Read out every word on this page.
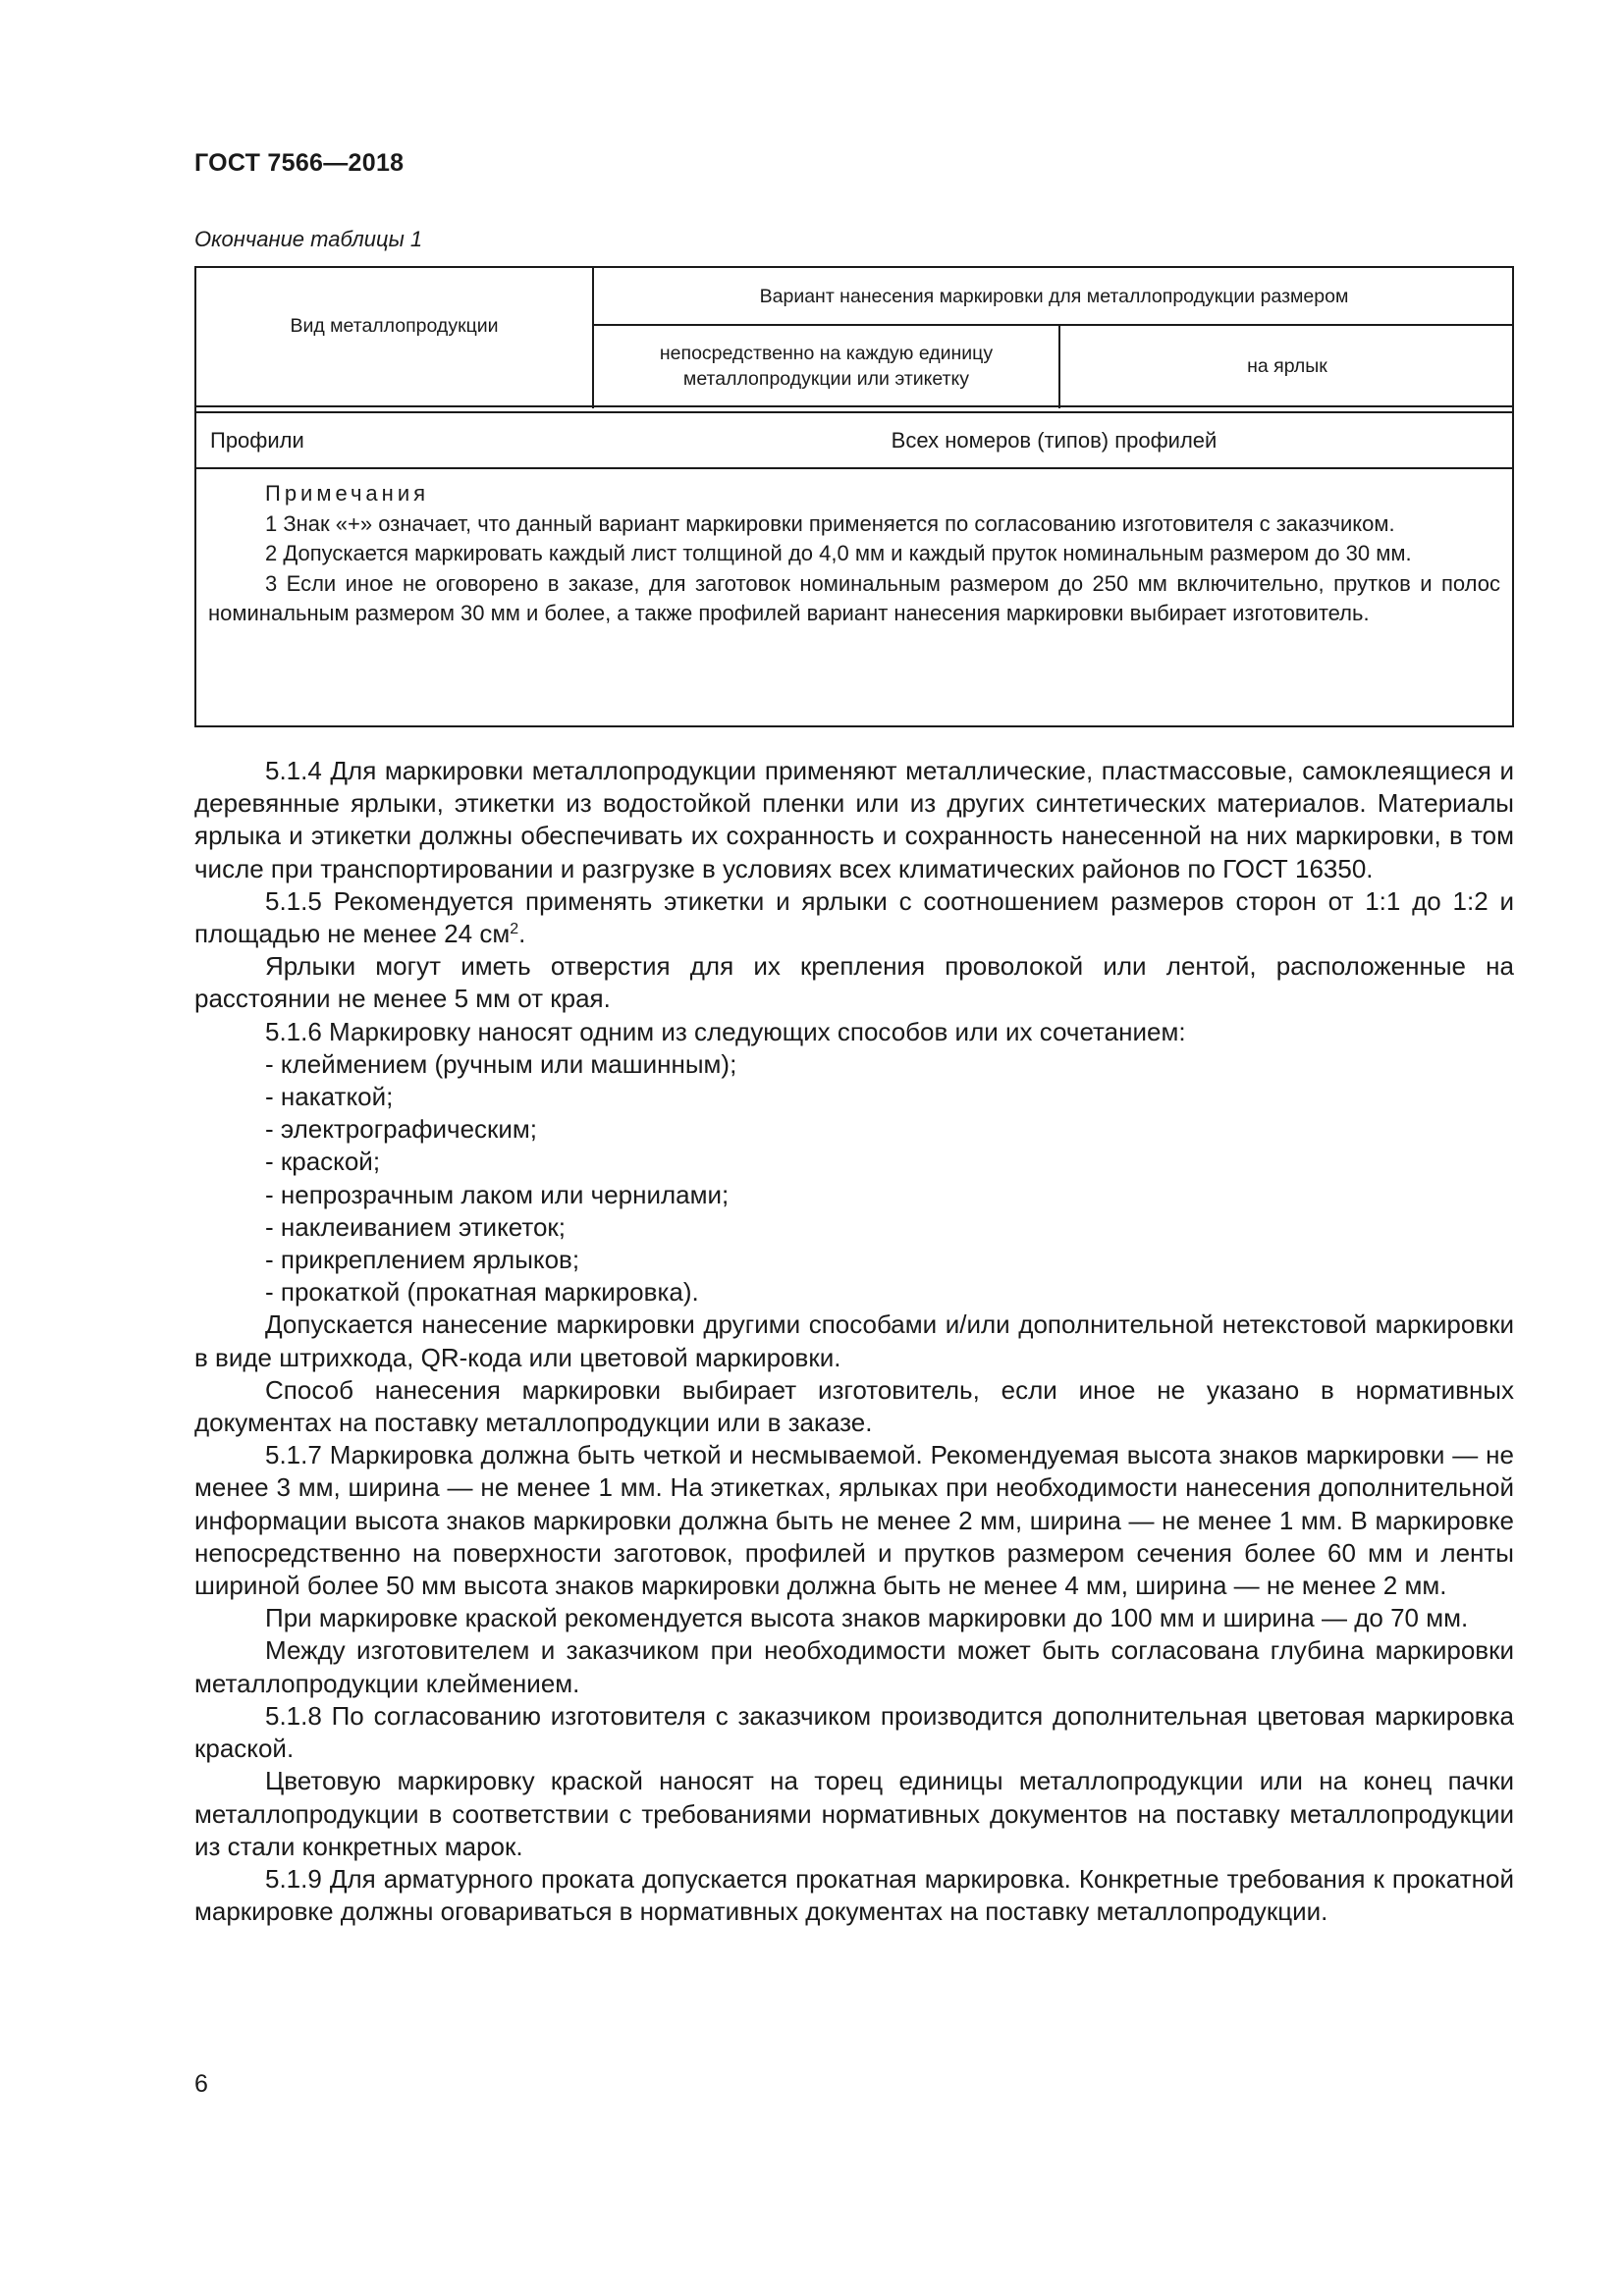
ГОСТ 7566—2018
Окончание таблицы 1
Вид металлопродукции
Вариант нанесения маркировки для металлопродукции размером
непосредственно на каждую единицу металлопродукции или этикетку
на ярлык
Профили	Всех номеров (типов) профилей

Примечания

1 Знак «+» означает, что данный вариант маркировки применяется по согласованию изготовителя с заказчиком.

2 Допускается маркировать каждый лист толщиной до 4,0 мм и каждый пруток номинальным размером до 30 мм.

3 Если иное не оговорено в заказе, для заготовок номинальным размером до 250 мм включительно, прутков и полос номинальным размером 30 мм и более, а также профилей вариант нанесения маркировки выбирает изготовитель.

5.1.4 Для маркировки металлопродукции применяют металлические, пластмассовые, самоклеящиеся и деревянные ярлыки, этикетки из водостойкой пленки или из других синтетических материалов. Материалы ярлыка и этикетки должны обеспечивать их сохранность и сохранность нанесенной на них маркировки, в том числе при транспортировании и разгрузке в условиях всех климатических районов по ГОСТ 16350.

5.1.5 Рекомендуется применять этикетки и ярлыки с соотношением размеров сторон от 1:1 до 1:2 и площадью не менее 24 $см^2$.

Ярлыки могут иметь отверстия для их крепления проволокой или лентой, расположенные на расстоянии не менее 5 мм от края.

5.1.6 Маркировку наносят одним из следующих способов или их сочетанием:

- клеймением (ручным или машинным);

- накаткой;

- электрографическим;

- краской;

- непрозрачным лаком или чернилами;

- наклеиванием этикеток;

- прикреплением ярлыков;

- прокаткой (прокатная маркировка).

Допускается нанесение маркировки другими способами и/или дополнительной нетекстовой маркировки в виде штрихкода, QR-кода или цветовой маркировки.

Способ нанесения маркировки выбирает изготовитель, если иное не указано в нормативных документах на поставку металлопродукции или в заказе.

5.1.7 Маркировка должна быть четкой и несмываемой. Рекомендуемая высота знаков маркировки — не менее 3 мм, ширина — не менее 1 мм. На этикетках, ярлыках при необходимости нанесения дополнительной информации высота знаков маркировки должна быть не менее 2 мм, ширина — не менее 1 мм. В маркировке непосредственно на поверхности заготовок, профилей и прутков размером сечения более 60 мм и ленты шириной более 50 мм высота знаков маркировки должна быть не менее 4 мм, ширина — не менее 2 мм.

При маркировке краской рекомендуется высота знаков маркировки до 100 мм и ширина — до 70 мм.

Между изготовителем и заказчиком при необходимости может быть согласована глубина маркировки металлопродукции клеймением.

5.1.8 По согласованию изготовителя с заказчиком производится дополнительная цветовая маркировка краской.

Цветовую маркировку краской наносят на торец единицы металлопродукции или на конец пачки металлопродукции в соответствии с требованиями нормативных документов на поставку металлопродукции из стали конкретных марок.

5.1.9 Для арматурного проката допускается прокатная маркировка. Конкретные требования к прокатной маркировке должны оговариваться в нормативных документах на поставку металлопродукции.

6
